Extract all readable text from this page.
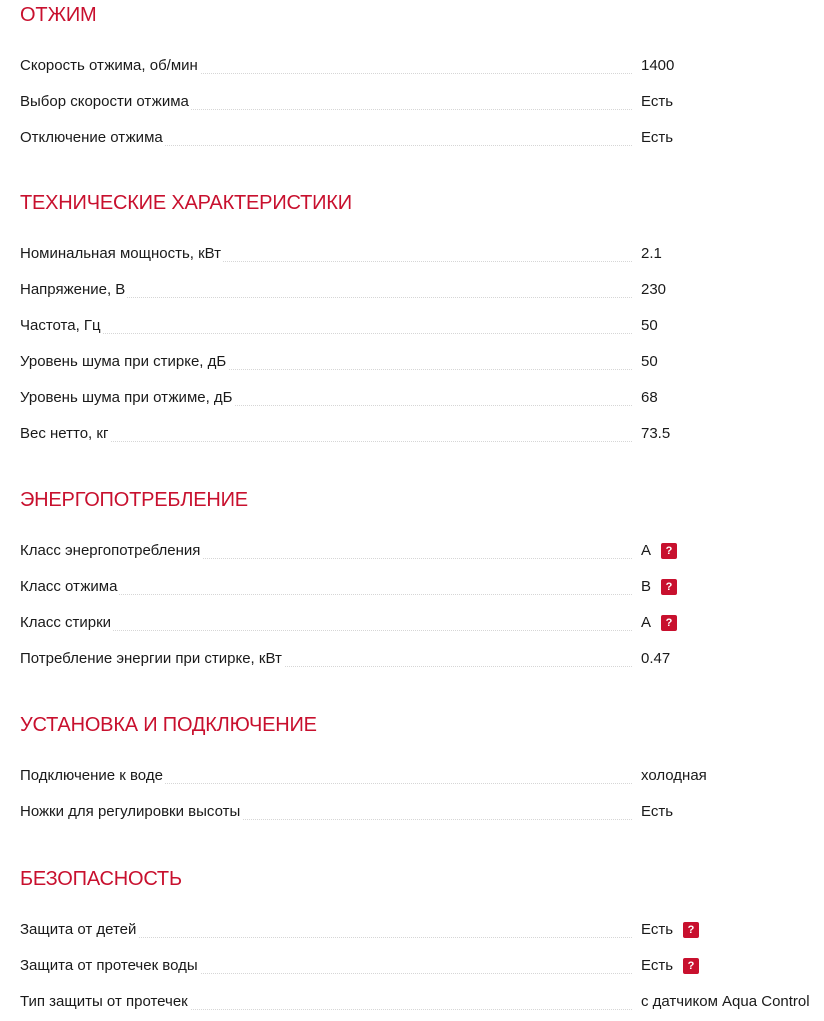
ОТЖИМ
Скорость отжима, об/мин	1400
Выбор скорости отжима	Есть
Отключение отжима	Есть
ТЕХНИЧЕСКИЕ ХАРАКТЕРИСТИКИ
Номинальная мощность, кВт	2.1
Напряжение, В	230
Частота, Гц	50
Уровень шума при стирке, дБ	50
Уровень шума при отжиме, дБ	68
Вес нетто, кг	73.5
ЭНЕРГОПОТРЕБЛЕНИЕ
Класс энергопотребления	A	?
Класс отжима	B	?
Класс стирки	A	?
Потребление энергии при стирке, кВт	0.47
УСТАНОВКА И ПОДКЛЮЧЕНИЕ
Подключение к воде	холодная
Ножки для регулировки высоты	Есть
БЕЗОПАСНОСТЬ
Защита от детей	Есть	?
Защита от протечек воды	Есть	?
Тип защиты от протечек	с датчиком Aqua Control
